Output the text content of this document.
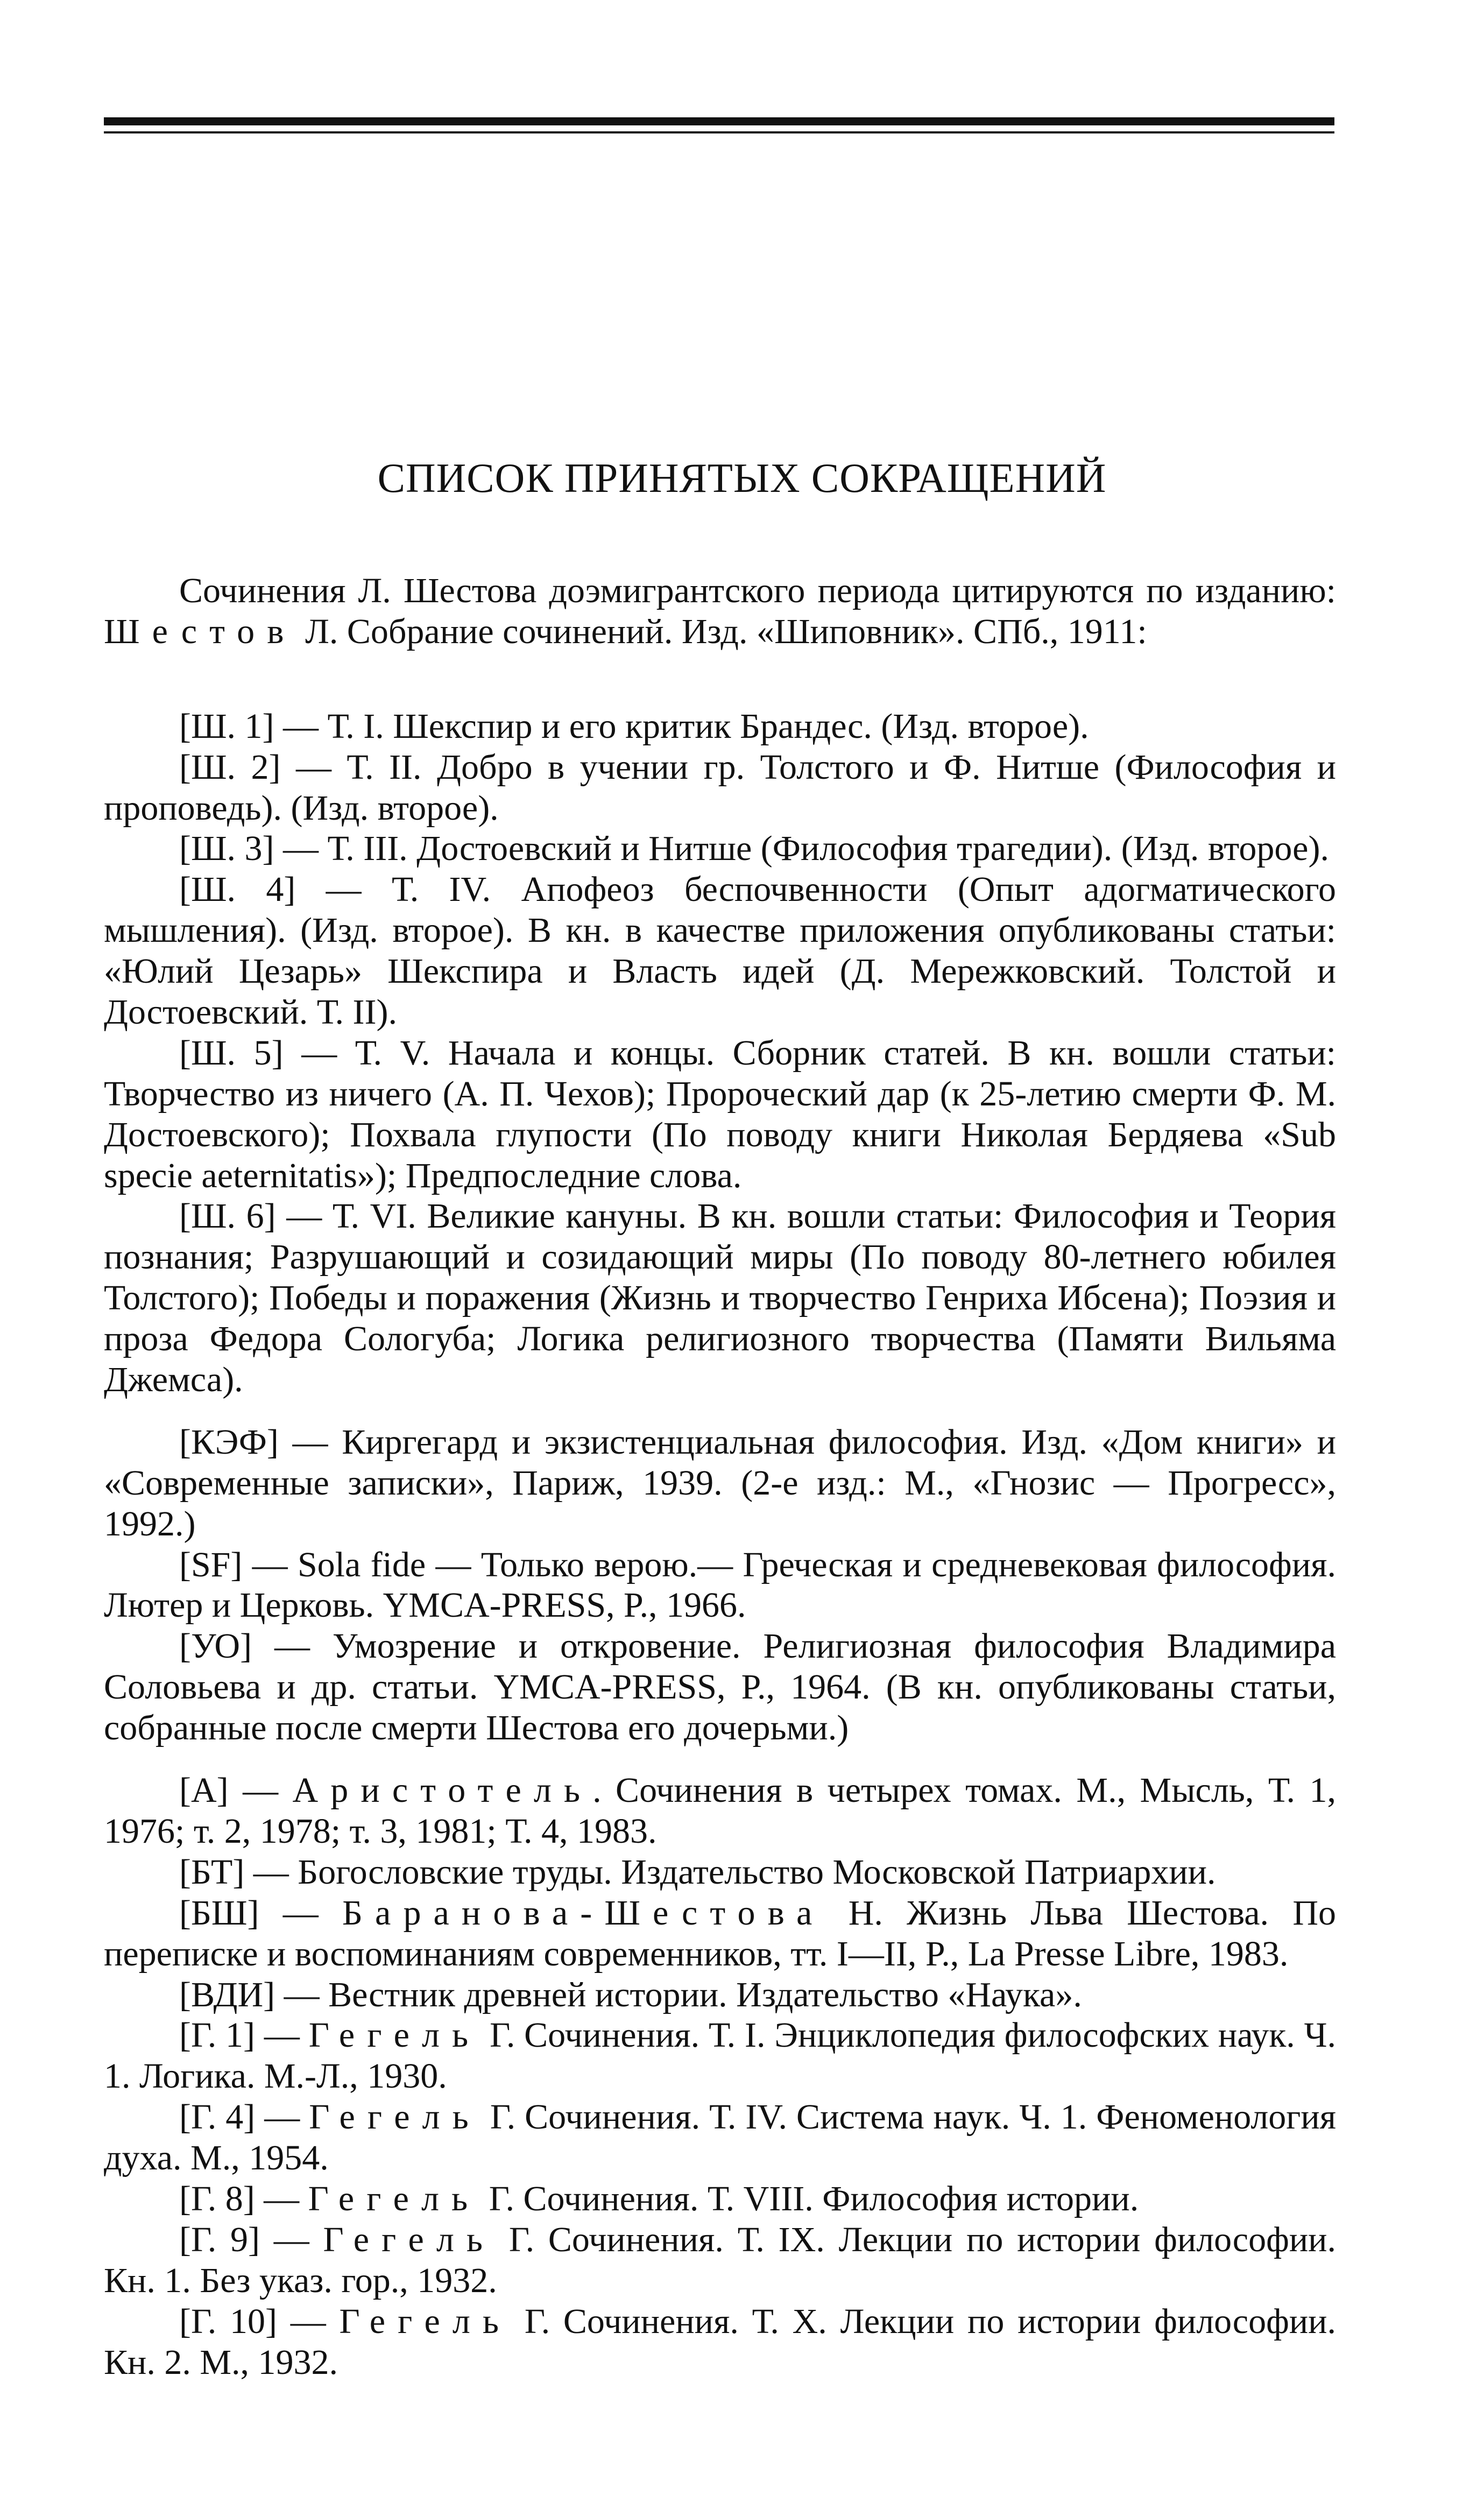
СПИСОК ПРИНЯТЫХ СОКРАЩЕНИЙ

Сочинения Л. Шестова доэмигрантского периода цитируются по изданию: Шестов Л. Собрание сочинений. Изд. «Шиповник». СПб., 1911:

[Ш. 1] — Т. I. Шекспир и его критик Брандес. (Изд. второе).

[Ш. 2] — Т. II. Добро в учении гр. Толстого и Ф. Нитше (Философия и проповедь). (Изд. второе).

[Ш. 3] — Т. III. Достоевский и Нитше (Философия трагедии). (Изд. второе).

[Ш. 4] — Т. IV. Апофеоз беспочвенности (Опыт адогматического мышления). (Изд. второе). В кн. в качестве приложения опубликованы статьи: «Юлий Цезарь» Шекспира и Власть идей (Д. Мережковский. Толстой и Достоевский. Т. II).

[Ш. 5] — Т. V. Начала и концы. Сборник статей. В кн. вошли статьи: Творчество из ничего (А. П. Чехов); Пророческий дар (к 25-летию смерти Ф. М. Достоевского); Похвала глупости (По поводу книги Николая Бердяева «Sub specie aeternitatis»); Предпоследние слова.

[Ш. 6] — Т. VI. Великие кануны. В кн. вошли статьи: Философия и Теория познания; Разрушающий и созидающий миры (По поводу 80-летнего юбилея Толстого); Победы и поражения (Жизнь и творчество Генриха Ибсена); Поэзия и проза Федора Сологуба; Логика религиозного творчества (Памяти Вильяма Джемса).

[КЭФ] — Киргегард и экзистенциальная философия. Изд. «Дом книги» и «Современные записки», Париж, 1939. (2-е изд.: М., «Гнозис — Прогресс», 1992.)

[SF] — Sola fide — Только верою.— Греческая и средневековая философия. Лютер и Церковь. YMCA-PRESS, P., 1966.

[УО] — Умозрение и откровение. Религиозная философия Владимира Соловьева и др. статьи. YMCA-PRESS, P., 1964. (В кн. опубликованы статьи, собранные после смерти Шестова его дочерьми.)

[А] — Аристотель. Сочинения в четырех томах. М., Мысль, Т. 1, 1976; т. 2, 1978; т. 3, 1981; Т. 4, 1983.

[БТ] — Богословские труды. Издательство Московской Патриархии.

[БШ] — Баранова-Шестова Н. Жизнь Льва Шестова. По переписке и воспоминаниям современников, тт. I—II, P., La Presse Libre, 1983.

[ВДИ] — Вестник древней истории. Издательство «Наука».

[Г. 1] — Гегель Г. Сочинения. Т. I. Энциклопедия философских наук. Ч. 1. Логика. М.-Л., 1930.

[Г. 4] — Гегель Г. Сочинения. Т. IV. Система наук. Ч. 1. Феноменология духа. М., 1954.

[Г. 8] — Гегель Г. Сочинения. Т. VIII. Философия истории.

[Г. 9] — Гегель Г. Сочинения. Т. IX. Лекции по истории философии. Кн. 1. Без указ. гор., 1932.

[Г. 10] — Гегель Г. Сочинения. Т. X. Лекции по истории философии. Кн. 2. М., 1932.
